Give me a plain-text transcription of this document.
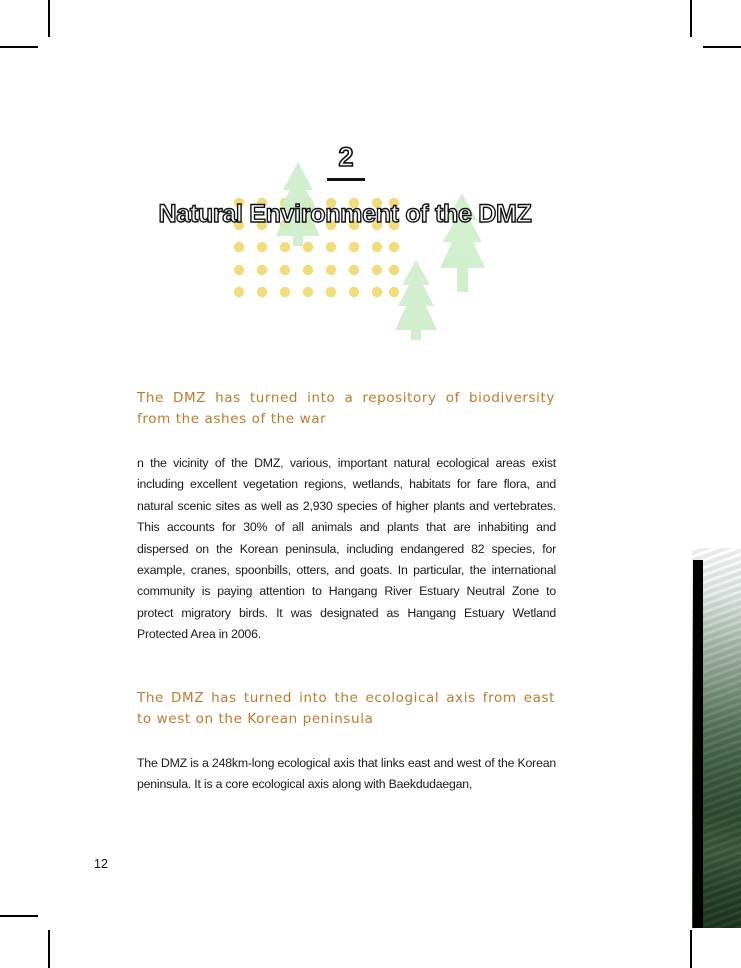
2
Natural Environment of the DMZ
The DMZ has turned into a repository of biodiversity from the ashes of the war

n the vicinity of the DMZ, various, important natural ecological areas exist including excellent vegetation regions, wetlands, habitats for fare flora, and natural scenic sites as well as 2,930 species of higher plants and vertebrates. This accounts for 30% of all animals and plants that are inhabiting and dispersed on the Korean peninsula, including endangered 82 species, for example, cranes, spoonbills, otters, and goats. In particular, the international community is paying attention to Hangang River Estuary Neutral Zone to protect migratory birds. It was designated as Hangang Estuary Wetland Protected Area in 2006.

The DMZ has turned into the ecological axis from east to west on the Korean peninsula

The DMZ is a 248km-long ecological axis that links east and west of the Korean peninsula. It is a core ecological axis along with Baekdudaegan,

12
